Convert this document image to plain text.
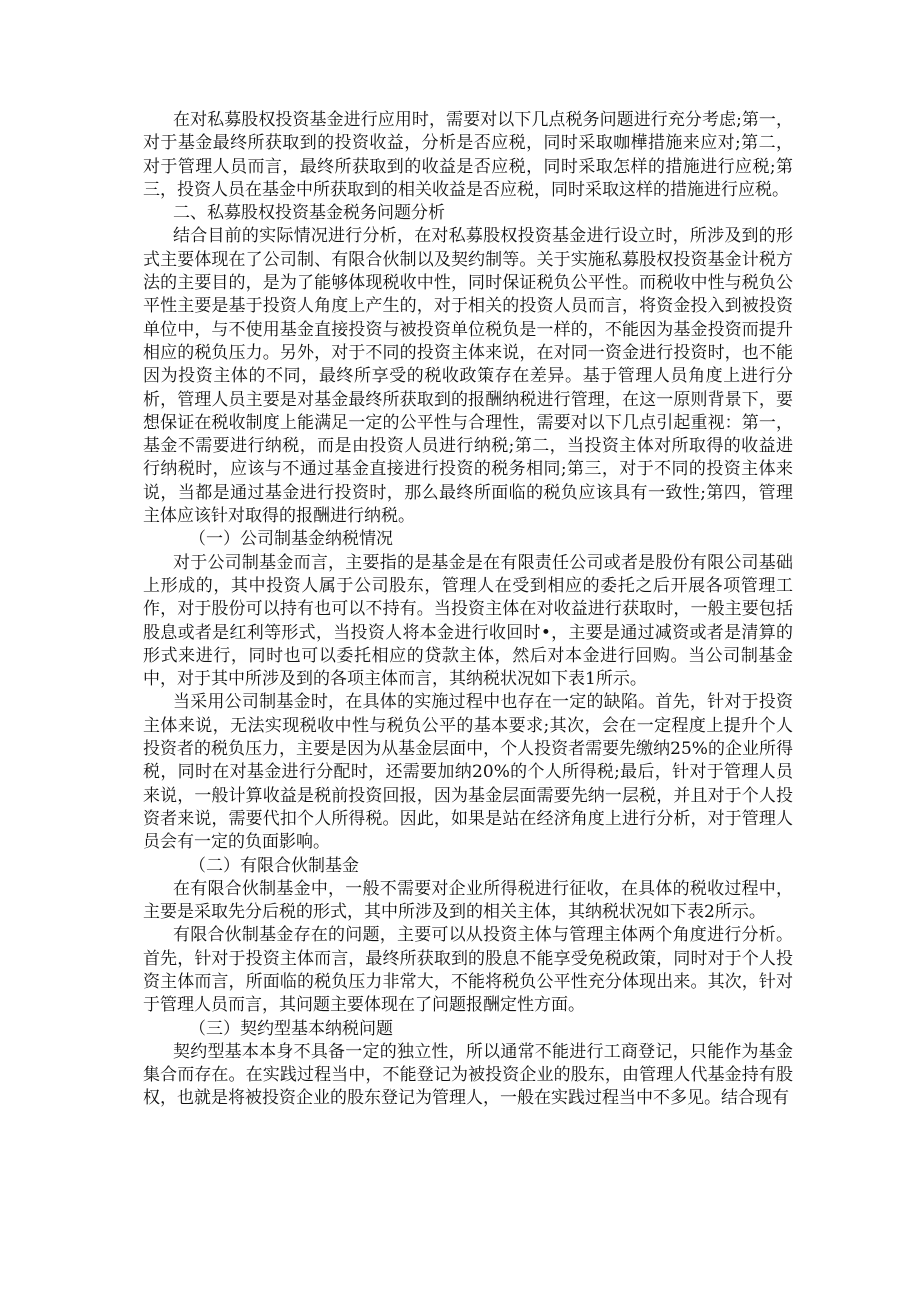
在对私募股权投资基金进行应用时，需要对以下几点税务问题进行充分考虑;第一，对于基金最终所获取到的投资收益，分析是否应税，同时采取咖樺措施来应对;第二，对于管理人员而言，最终所获取到的收益是否应税，同时采取怎样的措施进行应税;第三，投资人员在基金中所获取到的相关收益是否应税，同时采取这样的措施进行应税。

二、私募股权投资基金税务问题分析

结合目前的实际情况进行分析，在对私募股权投资基金进行设立时，所涉及到的形式主要体现在了公司制、有限合伙制以及契约制等。关于实施私募股权投资基金计税方法的主要目的，是为了能够体现税收中性，同时保证税负公平性。而税收中性与税负公平性主要是基于投资人角度上产生的，对于相关的投资人员而言，将资金投入到被投资单位中，与不使用基金直接投资与被投资单位税负是一样的，不能因为基金投资而提升相应的税负压力。另外，对于不同的投资主体来说，在对同一资金进行投资时，也不能因为投资主体的不同，最终所享受的税收政策存在差异。基于管理人员角度上进行分析，管理人员主要是对基金最终所获取到的报酬纳税进行管理，在这一原则背景下，要想保证在税收制度上能满足一定的公平性与合理性，需要对以下几点引起重视：第一，基金不需要进行纳税，而是由投资人员进行纳税;第二，当投资主体对所取得的收益进行纳税时，应该与不通过基金直接进行投资的税务相同;第三，对于不同的投资主体来说，当都是通过基金进行投资时，那么最终所面临的税负应该具有一致性;第四，管理主体应该针对取得的报酬进行纳税。

（一）公司制基金纳税情况

对于公司制基金而言，主要指的是基金是在有限责任公司或者是股份有限公司基础上形成的，其中投资人属于公司股东，管理人在受到相应的委托之后开展各项管理工作，对于股份可以持有也可以不持有。当投资主体在对收益进行获取时，一般主要包括股息或者是红利等形式，当投资人将本金进行收回时•，主要是通过减资或者是清算的形式来进行，同时也可以委托相应的贷款主体，然后对本金进行回购。当公司制基金中，对于其中所涉及到的各项主体而言，其纳税状况如下表1所示。

当采用公司制基金时，在具体的实施过程中也存在一定的缺陷。首先，针对于投资主体来说，无法实现税收中性与税负公平的基本要求;其次，会在一定程度上提升个人投资者的税负压力，主要是因为从基金层面中，个人投资者需要先缴纳25%的企业所得税，同时在对基金进行分配时，还需要加纳20%的个人所得税;最后，针对于管理人员来说，一般计算收益是税前投资回报，因为基金层面需要先纳一层税，并且对于个人投资者来说，需要代扣个人所得税。因此，如果是站在经济角度上进行分析，对于管理人员会有一定的负面影响。

（二）有限合伙制基金

在有限合伙制基金中，一般不需要对企业所得税进行征收，在具体的税收过程中，主要是采取先分后税的形式，其中所涉及到的相关主体，其纳税状况如下表2所示。

有限合伙制基金存在的问题，主要可以从投资主体与管理主体两个角度进行分析。首先，针对于投资主体而言，最终所获取到的股息不能享受免税政策，同时对于个人投资主体而言，所面临的税负压力非常大，不能将税负公平性充分体现出来。其次，针对于管理人员而言，其问题主要体现在了问题报酬定性方面。

（三）契约型基本纳税问题

契约型基本本身不具备一定的独立性，所以通常不能进行工商登记，只能作为基金集合而存在。在实践过程当中，不能登记为被投资企业的股东，由管理人代基金持有股权，也就是将被投资企业的股东登记为管理人，一般在实践过程当中不多见。结合现有
